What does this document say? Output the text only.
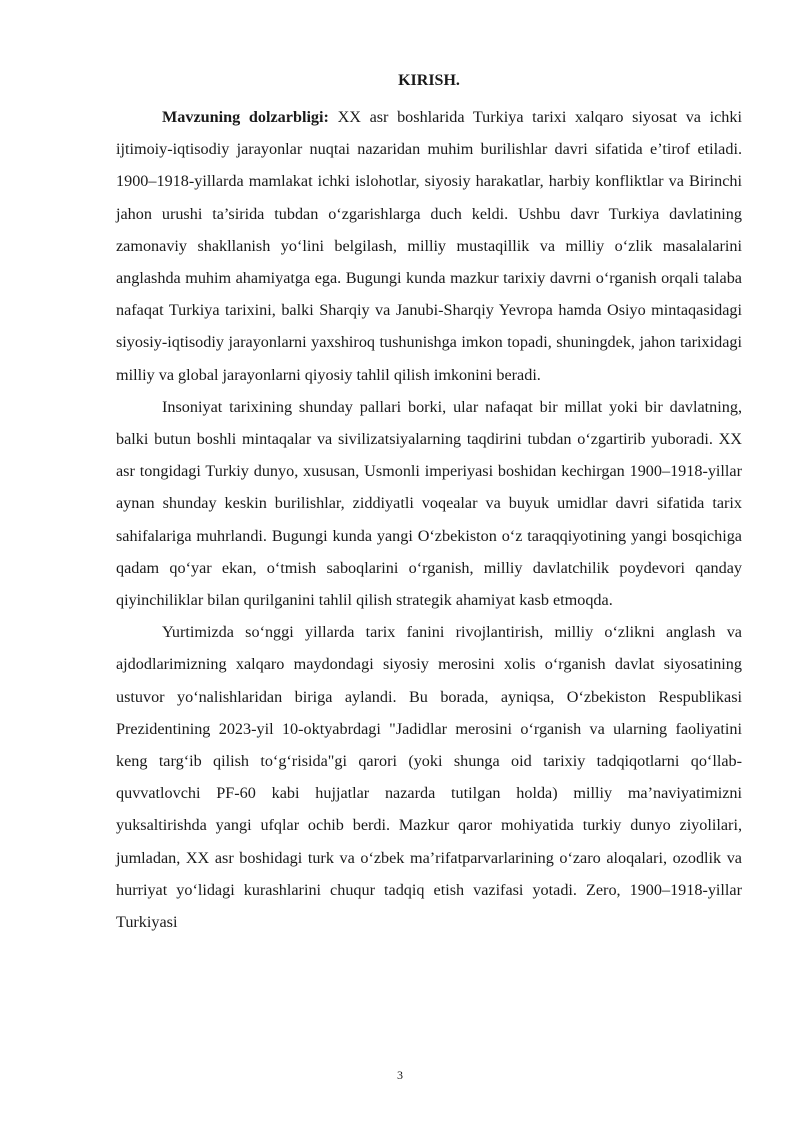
KIRISH.

Mavzuning dolzarbligi: XX asr boshlarida Turkiya tarixi xalqaro siyosat va ichki ijtimoiy-iqtisodiy jarayonlar nuqtai nazaridan muhim burilishlar davri sifatida e’tirof etiladi. 1900–1918-yillarda mamlakat ichki islohotlar, siyosiy harakatlar, harbiy konfliktlar va Birinchi jahon urushi ta’sirida tubdan o‘zgarishlarga duch keldi. Ushbu davr Turkiya davlatining zamonaviy shakllanish yo‘lini belgilash, milliy mustaqillik va milliy o‘zlik masalalarini anglashda muhim ahamiyatga ega. Bugungi kunda mazkur tarixiy davrni o‘rganish orqali talaba nafaqat Turkiya tarixini, balki Sharqiy va Janubi-Sharqiy Yevropa hamda Osiyo mintaqasidagi siyosiy-iqtisodiy jarayonlarni yaxshiroq tushunishga imkon topadi, shuningdek, jahon tarixidagi milliy va global jarayonlarni qiyosiy tahlil qilish imkonini beradi.

Insoniyat tarixining shunday pallari borki, ular nafaqat bir millat yoki bir davlatning, balki butun boshli mintaqalar va sivilizatsiyalarning taqdirini tubdan o‘zgartirib yuboradi. XX asr tongidagi Turkiy dunyo, xususan, Usmonli imperiyasi boshidan kechirgan 1900–1918-yillar aynan shunday keskin burilishlar, ziddiyatli voqealar va buyuk umidlar davri sifatida tarix sahifalariga muhrlandi. Bugungi kunda yangi O‘zbekiston o‘z taraqqiyotining yangi bosqichiga qadam qo‘yar ekan, o‘tmish saboqlarini o‘rganish, milliy davlatchilik poydevori qanday qiyinchiliklar bilan qurilganini tahlil qilish strategik ahamiyat kasb etmoqda.

Yurtimizda so‘nggi yillarda tarix fanini rivojlantirish, milliy o‘zlikni anglash va ajdodlarimizning xalqaro maydondagi siyosiy merosini xolis o‘rganish davlat siyosatining ustuvor yo‘nalishlaridan biriga aylandi. Bu borada, ayniqsa, O‘zbekiston Respublikasi Prezidentining 2023-yil 10-oktyabrdagi "Jadidlar merosini o‘rganish va ularning faoliyatini keng targ‘ib qilish to‘g‘risida"gi qarori (yoki shunga oid tarixiy tadqiqotlarni qo‘llab-quvvatlovchi PF-60 kabi hujjatlar nazarda tutilgan holda) milliy ma’naviyatimizni yuksaltirishda yangi ufqlar ochib berdi. Mazkur qaror mohiyatida turkiy dunyo ziyolilari, jumladan, XX asr boshidagi turk va o‘zbek ma’rifatparvarlarining o‘zaro aloqalari, ozodlik va hurriyat yo‘lidagi kurashlarini chuqur tadqiq etish vazifasi yotadi. Zero, 1900–1918-yillar Turkiyasi

3
